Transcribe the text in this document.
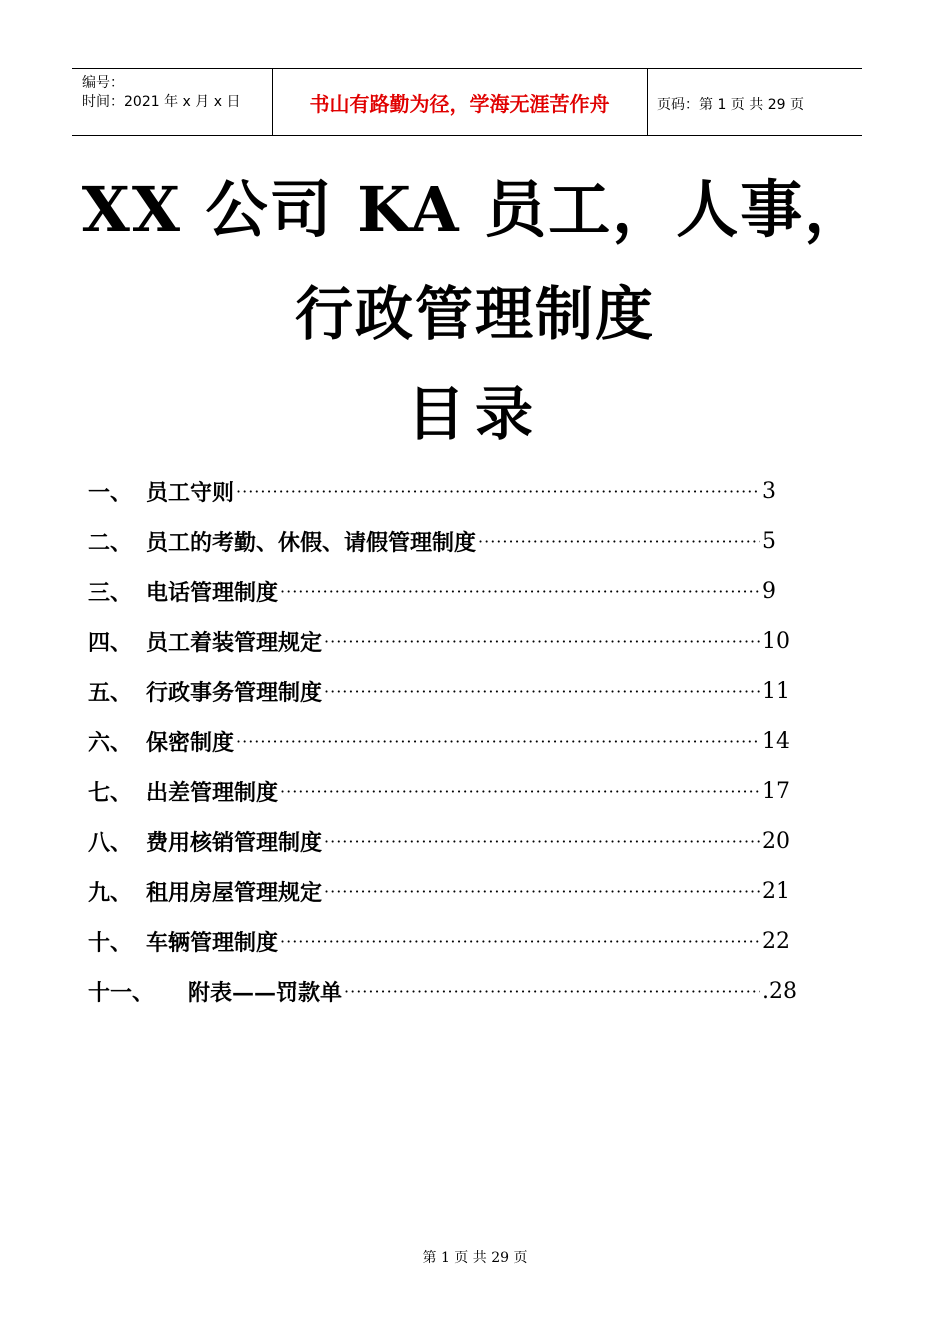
编号：
时间：2021 年 x 月 x 日	书山有路勤为径，学海无涯苦作舟	页码：第 1 页 共 29 页
XX 公司 KA 员工，人事，
行政管理制度
目录
一、 员工守则 ·····	3
二、 员工的考勤、休假、请假管理制度 ·····	5
三、 电话管理制度 ·····	9
四、 员工着装管理规定 ·····	10
五、 行政事务管理制度 ·····	11
六、 保密制度 ·····	14
七、 出差管理制度 ·····	17
八、 费用核销管理制度 ·····	20
九、 租用房屋管理规定 ·····	21
十、 车辆管理制度 ·····	22
十一、	附表——罚款单 ·····	.28
第 1 页 共 29 页
